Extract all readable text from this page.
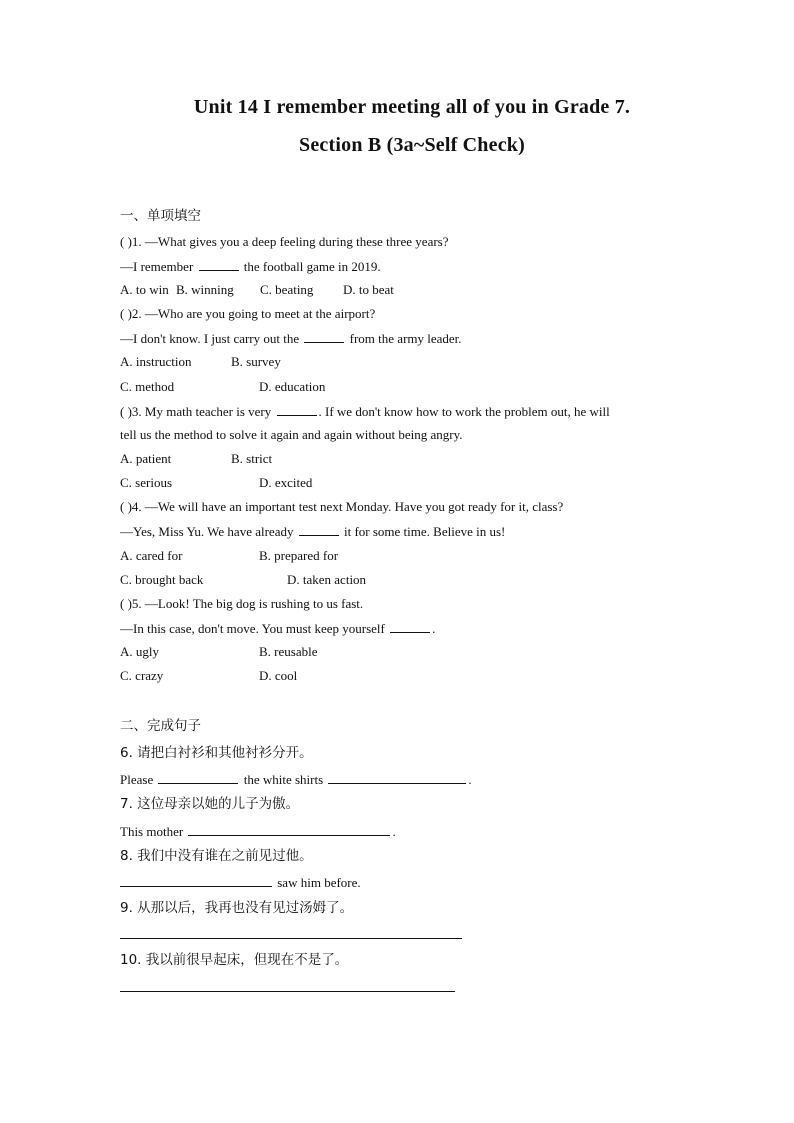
Unit 14 I remember meeting all of you in Grade 7.
Section B (3a~Self Check)
一、单项填空
( )1. —What gives you a deep feeling during these three years?
—I remember	the football game in 2019.
A. to win B. winning C. beating D. to beat
( )2. —Who are you going to meet at the airport?
—I don't know. I just carry out the	from the army leader.
A. instruction	B. survey
C. method	D. education
( )3. My math teacher is very	. If we don't know how to work the problem out, he will
tell us the method to solve it again and again without being angry.
A. patient	B. strict
C. serious	D. excited
( )4. —We will have an important test next Monday. Have you got ready for it, class?
—Yes, Miss Yu. We have already	it for some time. Believe in us!
A. cared for	B. prepared for
C. brought back	D. taken action
( )5. —Look! The big dog is rushing to us fast.
—In this case, don't move. You must keep yourself	.
A. ugly	B. reusable
C. crazy	D. cool
二、完成句子
6. 请把白衬衫和其他衬衫分开。
Please	the white shirts	.
7. 这位母亲以她的儿子为傲。
This mother	.
8. 我们中没有谁在之前见过他。
saw him before.
9. 从那以后，我再也没有见过汤姆了。
10. 我以前很早起床，但现在不是了。
